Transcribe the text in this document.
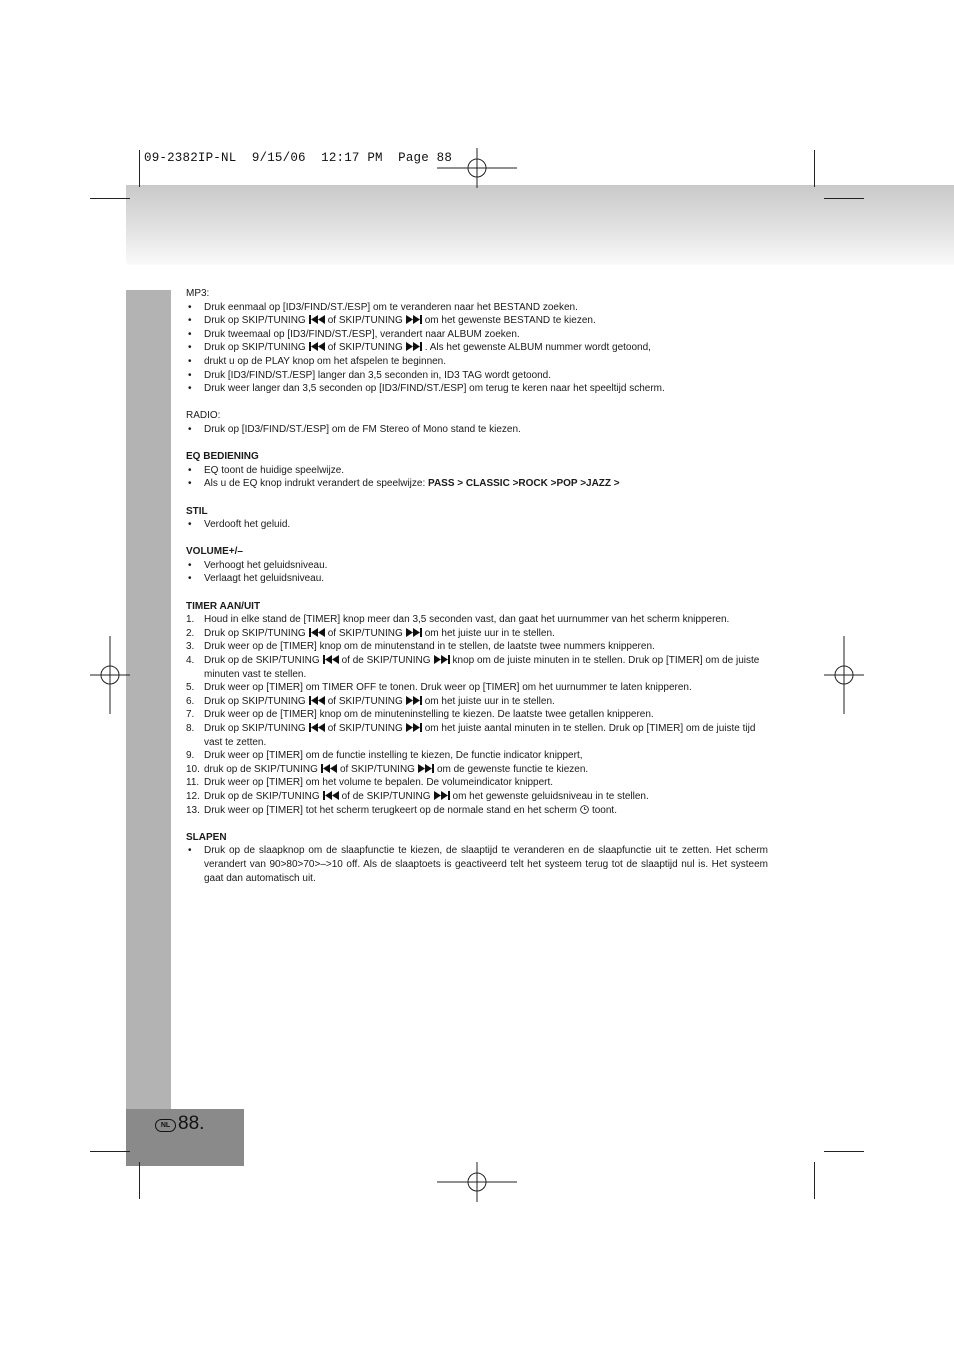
09-2382IP-NL  9/15/06  12:17 PM  Page 88
NL 88.

MP3:

• Druk eenmaal op [ID3/FIND/ST./ESP] om te veranderen naar het BESTAND zoeken.
• Druk op SKIP/TUNING of SKIP/TUNING om het gewenste BESTAND te kiezen.
• Druk tweemaal op [ID3/FIND/ST./ESP], verandert naar ALBUM zoeken.
• Druk op SKIP/TUNING of SKIP/TUNING . Als het gewenste ALBUM nummer wordt getoond,
• drukt u op de PLAY knop om het afspelen te beginnen.
• Druk [ID3/FIND/ST./ESP] langer dan 3,5 seconden in, ID3 TAG wordt getoond.
• Druk weer langer dan 3,5 seconden op [ID3/FIND/ST./ESP] om terug te keren naar het speeltijd scherm.

RADIO:

• Druk op [ID3/FIND/ST./ESP] om de FM Stereo of Mono stand te kiezen.

EQ BEDIENING

• EQ toont de huidige speelwijze.
• Als u de EQ knop indrukt verandert de speelwijze: PASS > CLASSIC >ROCK >POP >JAZZ >

STIL

• Verdooft het geluid.

VOLUME+/–

• Verhoogt het geluidsniveau.
• Verlaagt het geluidsniveau.

TIMER AAN/UIT

1. Houd in elke stand de [TIMER] knop meer dan 3,5 seconden vast, dan gaat het uurnummer van het scherm knipperen.
2. Druk op SKIP/TUNING of SKIP/TUNING om het juiste uur in te stellen.
3. Druk weer op de [TIMER] knop om de minutenstand in te stellen, de laatste twee nummers knipperen.
4. Druk op de SKIP/TUNING of de SKIP/TUNING knop om de juiste minuten in te stellen. Druk op [TIMER] om de juiste minuten vast te stellen.
5. Druk weer op [TIMER] om TIMER OFF te tonen. Druk weer op [TIMER] om het uurnummer te laten knipperen.
6. Druk op SKIP/TUNING of SKIP/TUNING om het juiste uur in te stellen.
7. Druk weer op de [TIMER] knop om de minuteninstelling te kiezen. De laatste twee getallen knipperen.
8. Druk op SKIP/TUNING of SKIP/TUNING om het juiste aantal minuten in te stellen. Druk op [TIMER] om de juiste tijd vast te zetten.
9. Druk weer op [TIMER] om de functie instelling te kiezen, De functie indicator knippert,
10. druk op de SKIP/TUNING of SKIP/TUNING om de gewenste functie te kiezen.
11. Druk weer op [TIMER] om het volume te bepalen. De volumeindicator knippert.
12. Druk op de SKIP/TUNING of de SKIP/TUNING om het gewenste geluidsniveau in te stellen.
13. Druk weer op [TIMER] tot het scherm terugkeert op de normale stand en het scherm toont.

SLAPEN

• Druk op de slaapknop om de slaapfunctie te kiezen, de slaaptijd te veranderen en de slaapfunctie uit te zetten. Het scherm verandert van 90>80>70>–>10 off. Als de slaaptoets is geactiveerd telt het systeem terug tot de slaaptijd nul is. Het systeem gaat dan automatisch uit.
